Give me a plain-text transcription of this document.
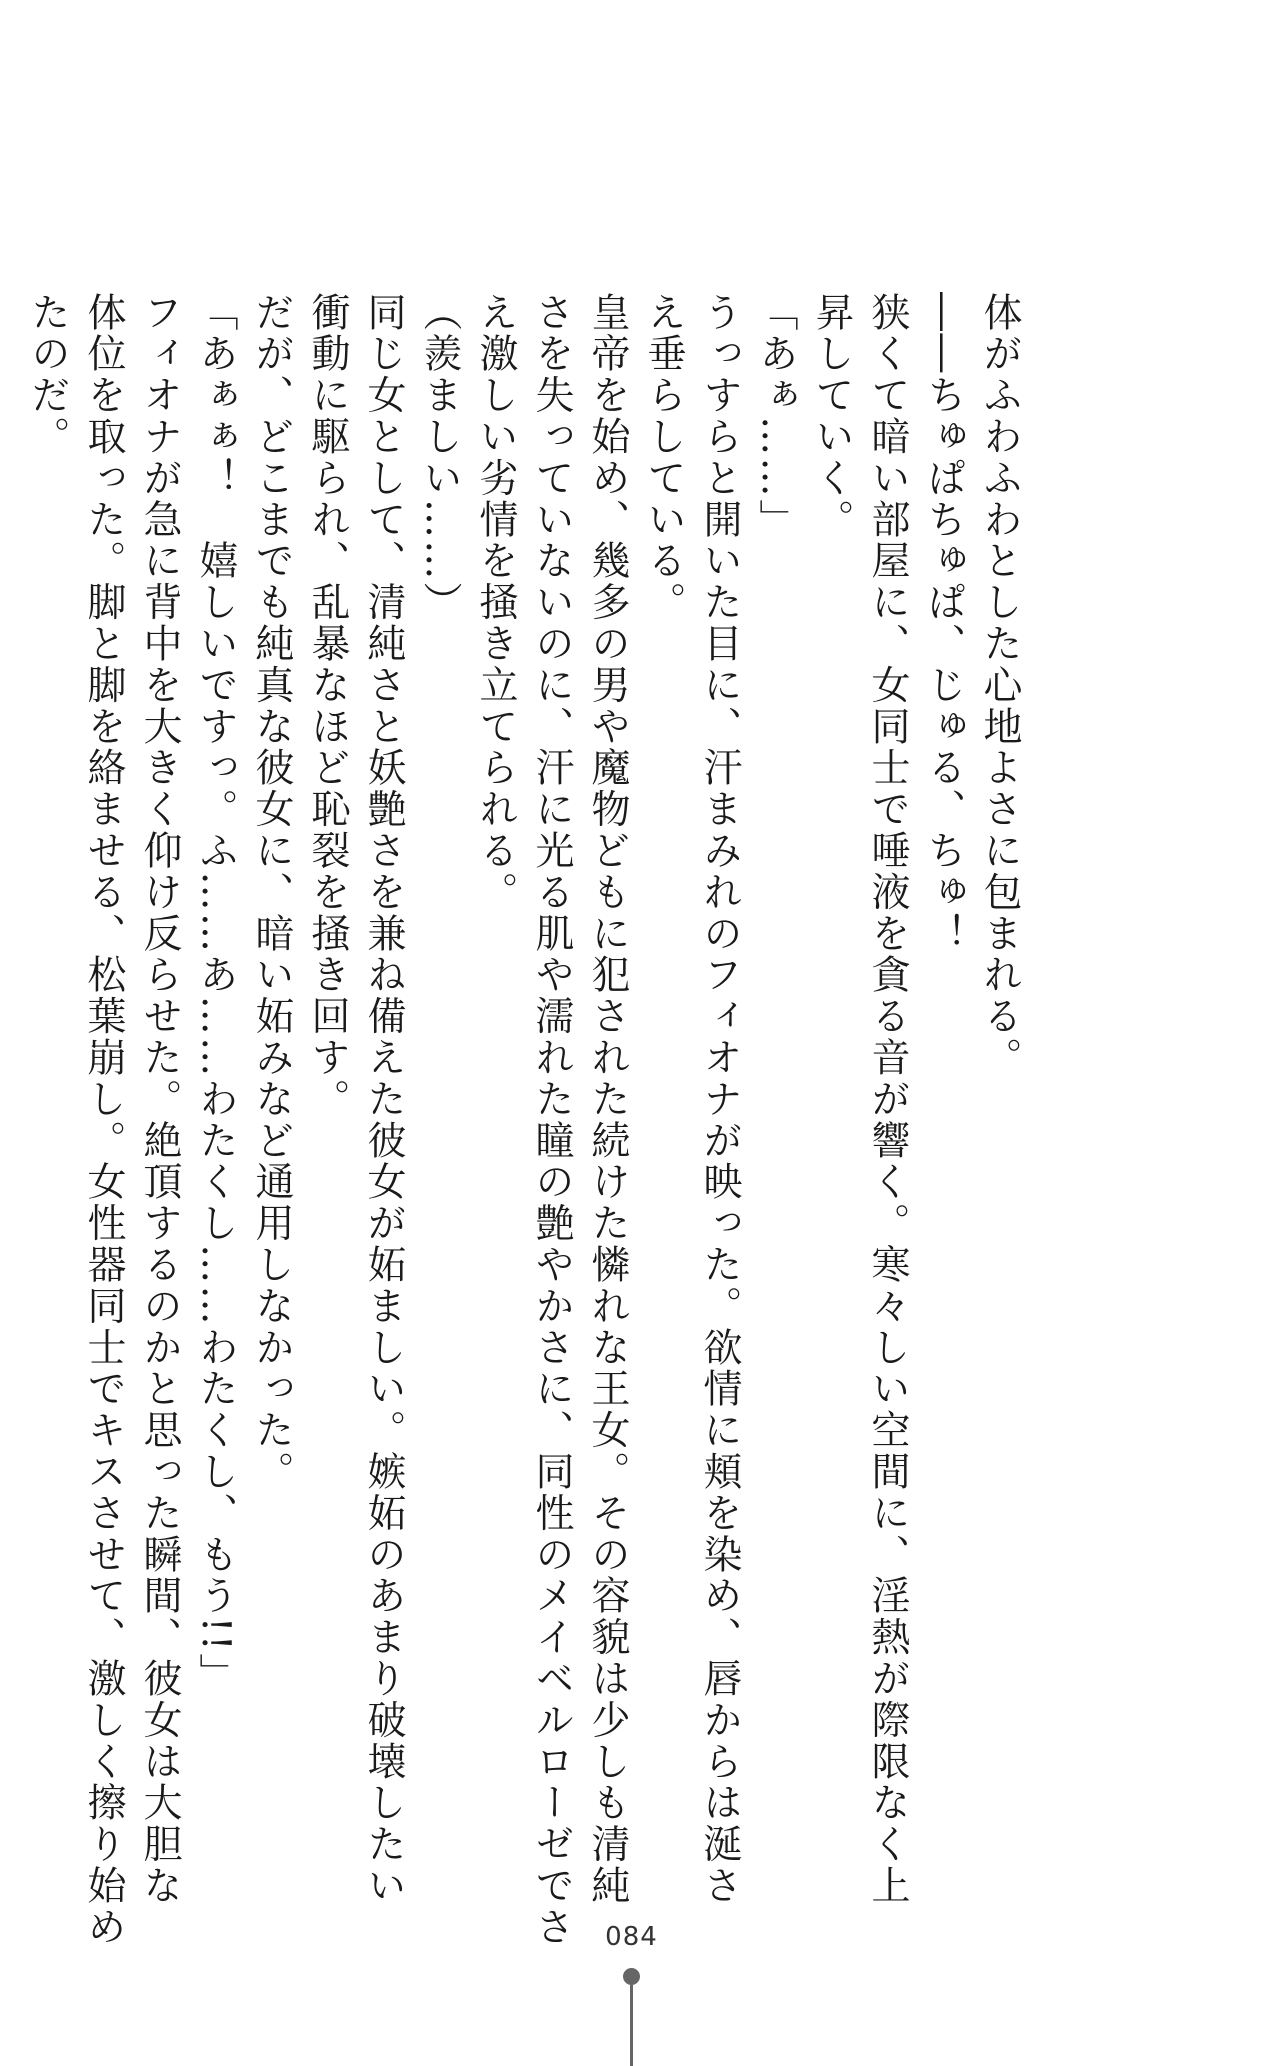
体がふわふわとした心地よさに包まれる。
――ちゅぱちゅぱ、じゅる、ちゅ！
狭くて暗い部屋に、女同士で唾液を貪る音が響く。寒々しい空間に、淫熱が際限なく上
昇していく。
「あぁ……」
うっすらと開いた目に、汗まみれのフィオナが映った。欲情に頬を染め、唇からは涎さ
え垂らしている。
皇帝を始め、幾多の男や魔物どもに犯された続けた憐れな王女。その容貌は少しも清純
さを失っていないのに、汗に光る肌や濡れた瞳の艶やかさに、同性のメイベルローゼでさ
え激しい劣情を掻き立てられる。
（羨ましい……）
同じ女として、清純さと妖艶さを兼ね備えた彼女が妬ましい。嫉妬のあまり破壊したい
衝動に駆られ、乱暴なほど恥裂を掻き回す。
だが、どこまでも純真な彼女に、暗い妬みなど通用しなかった。
「あぁぁ！　嬉しいですっ。ふ……あ……わたくし……わたくし、もう!!」
フィオナが急に背中を大きく仰け反らせた。絶頂するのかと思った瞬間、彼女は大胆な
体位を取った。脚と脚を絡ませる、松葉崩し。女性器同士でキスさせて、激しく擦り始め
たのだ。
084
